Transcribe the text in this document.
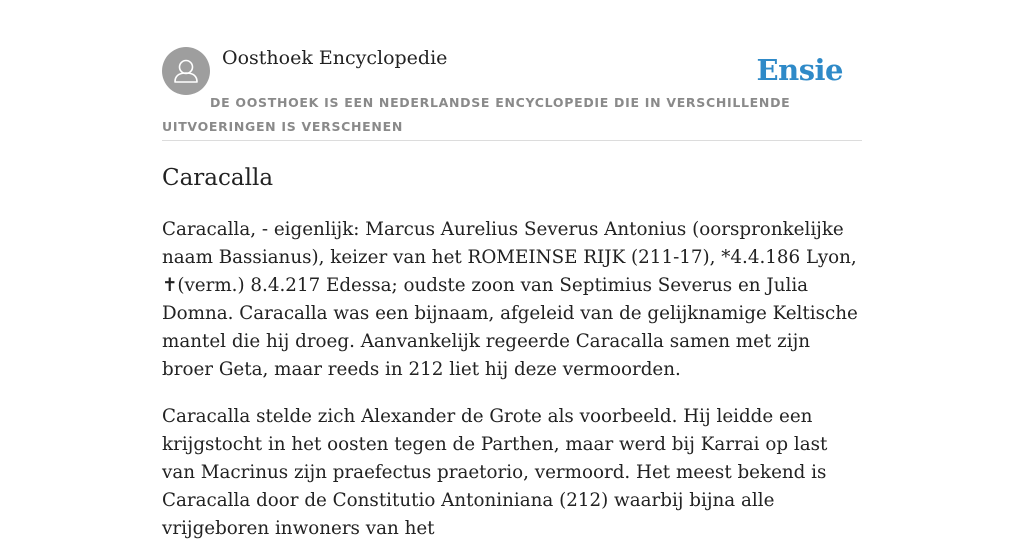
Oosthoek Encyclopedie	Ensie
DE OOSTHOEK IS EEN NEDERLANDSE ENCYCLOPEDIE DIE IN VERSCHILLENDE UITVOERINGEN IS VERSCHENEN
Caracalla

Caracalla, - eigenlijk: Marcus Aurelius Severus Antonius (oorspronkelijke naam Bassianus), keizer van het ROMEINSE RIJK (211-17), *4.4.186 Lyon, ✝(verm.) 8.4.217 Edessa; oudste zoon van Septimius Severus en Julia Domna. Caracalla was een bijnaam, afgeleid van de gelijknamige Keltische mantel die hij droeg. Aanvankelijk regeerde Caracalla samen met zijn broer Geta, maar reeds in 212 liet hij deze vermoorden.

Caracalla stelde zich Alexander de Grote als voorbeeld. Hij leidde een krijgstocht in het oosten tegen de Parthen, maar werd bij Karrai op last van Macrinus zijn praefectus praetorio, vermoord. Het meest bekend is Caracalla door de Constitutio Antoniniana (212) waarbij bijna alle vrijgeboren inwoners van het
